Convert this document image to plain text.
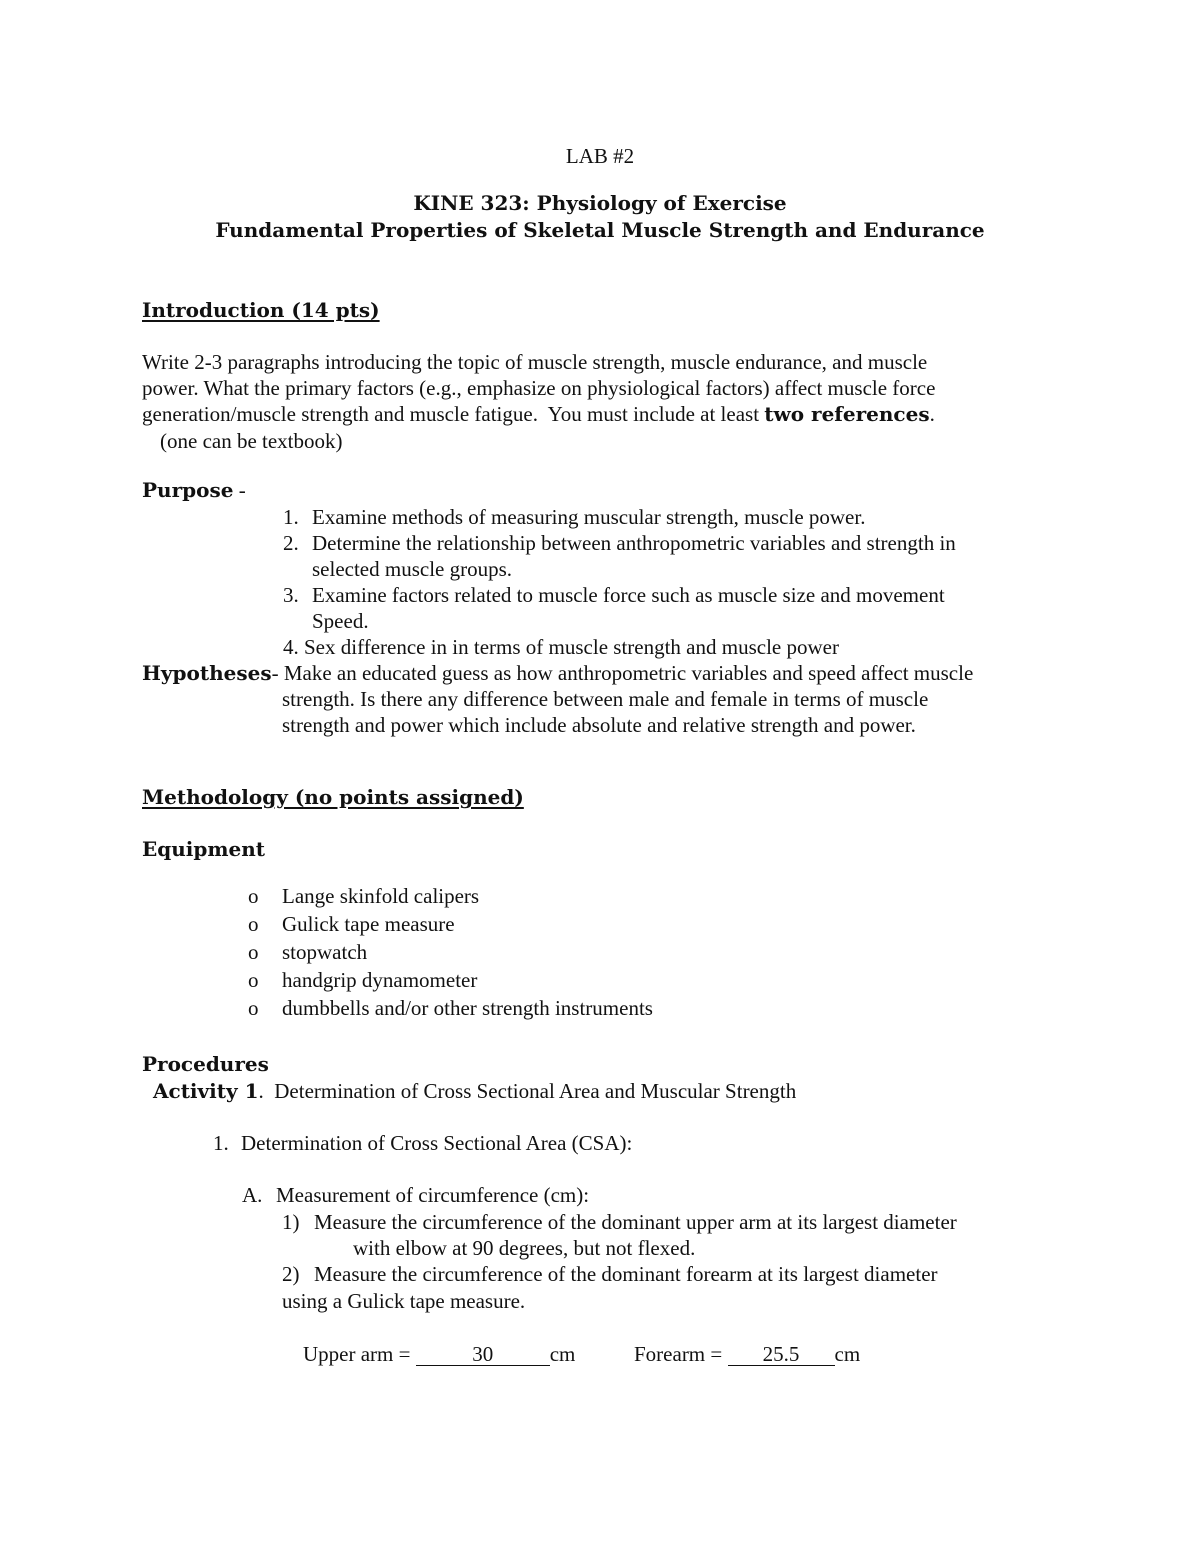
LAB #2
KINE 323: Physiology of Exercise
Fundamental Properties of Skeletal Muscle Strength and Endurance
Introduction (14 pts)
Write 2-3 paragraphs introducing the topic of muscle strength, muscle endurance, and muscle
power. What the primary factors (e.g., emphasize on physiological factors) affect muscle force
generation/muscle strength and muscle fatigue.  You must include at least two references.
(one can be textbook)
Purpose -
1. Examine methods of measuring muscular strength, muscle power.
2. Determine the relationship between anthropometric variables and strength in
selected muscle groups.
3. Examine factors related to muscle force such as muscle size and movement
Speed.
4. Sex difference in in terms of muscle strength and muscle power
Hypotheses- Make an educated guess as how anthropometric variables and speed affect muscle
strength. Is there any difference between male and female in terms of muscle
strength and power which include absolute and relative strength and power.
Methodology (no points assigned)
Equipment
o Lange skinfold calipers
o Gulick tape measure
o stopwatch
o handgrip dynamometer
o dumbbells and/or other strength instruments
Procedures
Activity 1.  Determination of Cross Sectional Area and Muscular Strength
1. Determination of Cross Sectional Area (CSA):
A. Measurement of circumference (cm):
1) Measure the circumference of the dominant upper arm at its largest diameter
with elbow at 90 degrees, but not flexed.
2) Measure the circumference of the dominant forearm at its largest diameter
using a Gulick tape measure.
Upper arm =	30	cm	Forearm = 25.5 cm
